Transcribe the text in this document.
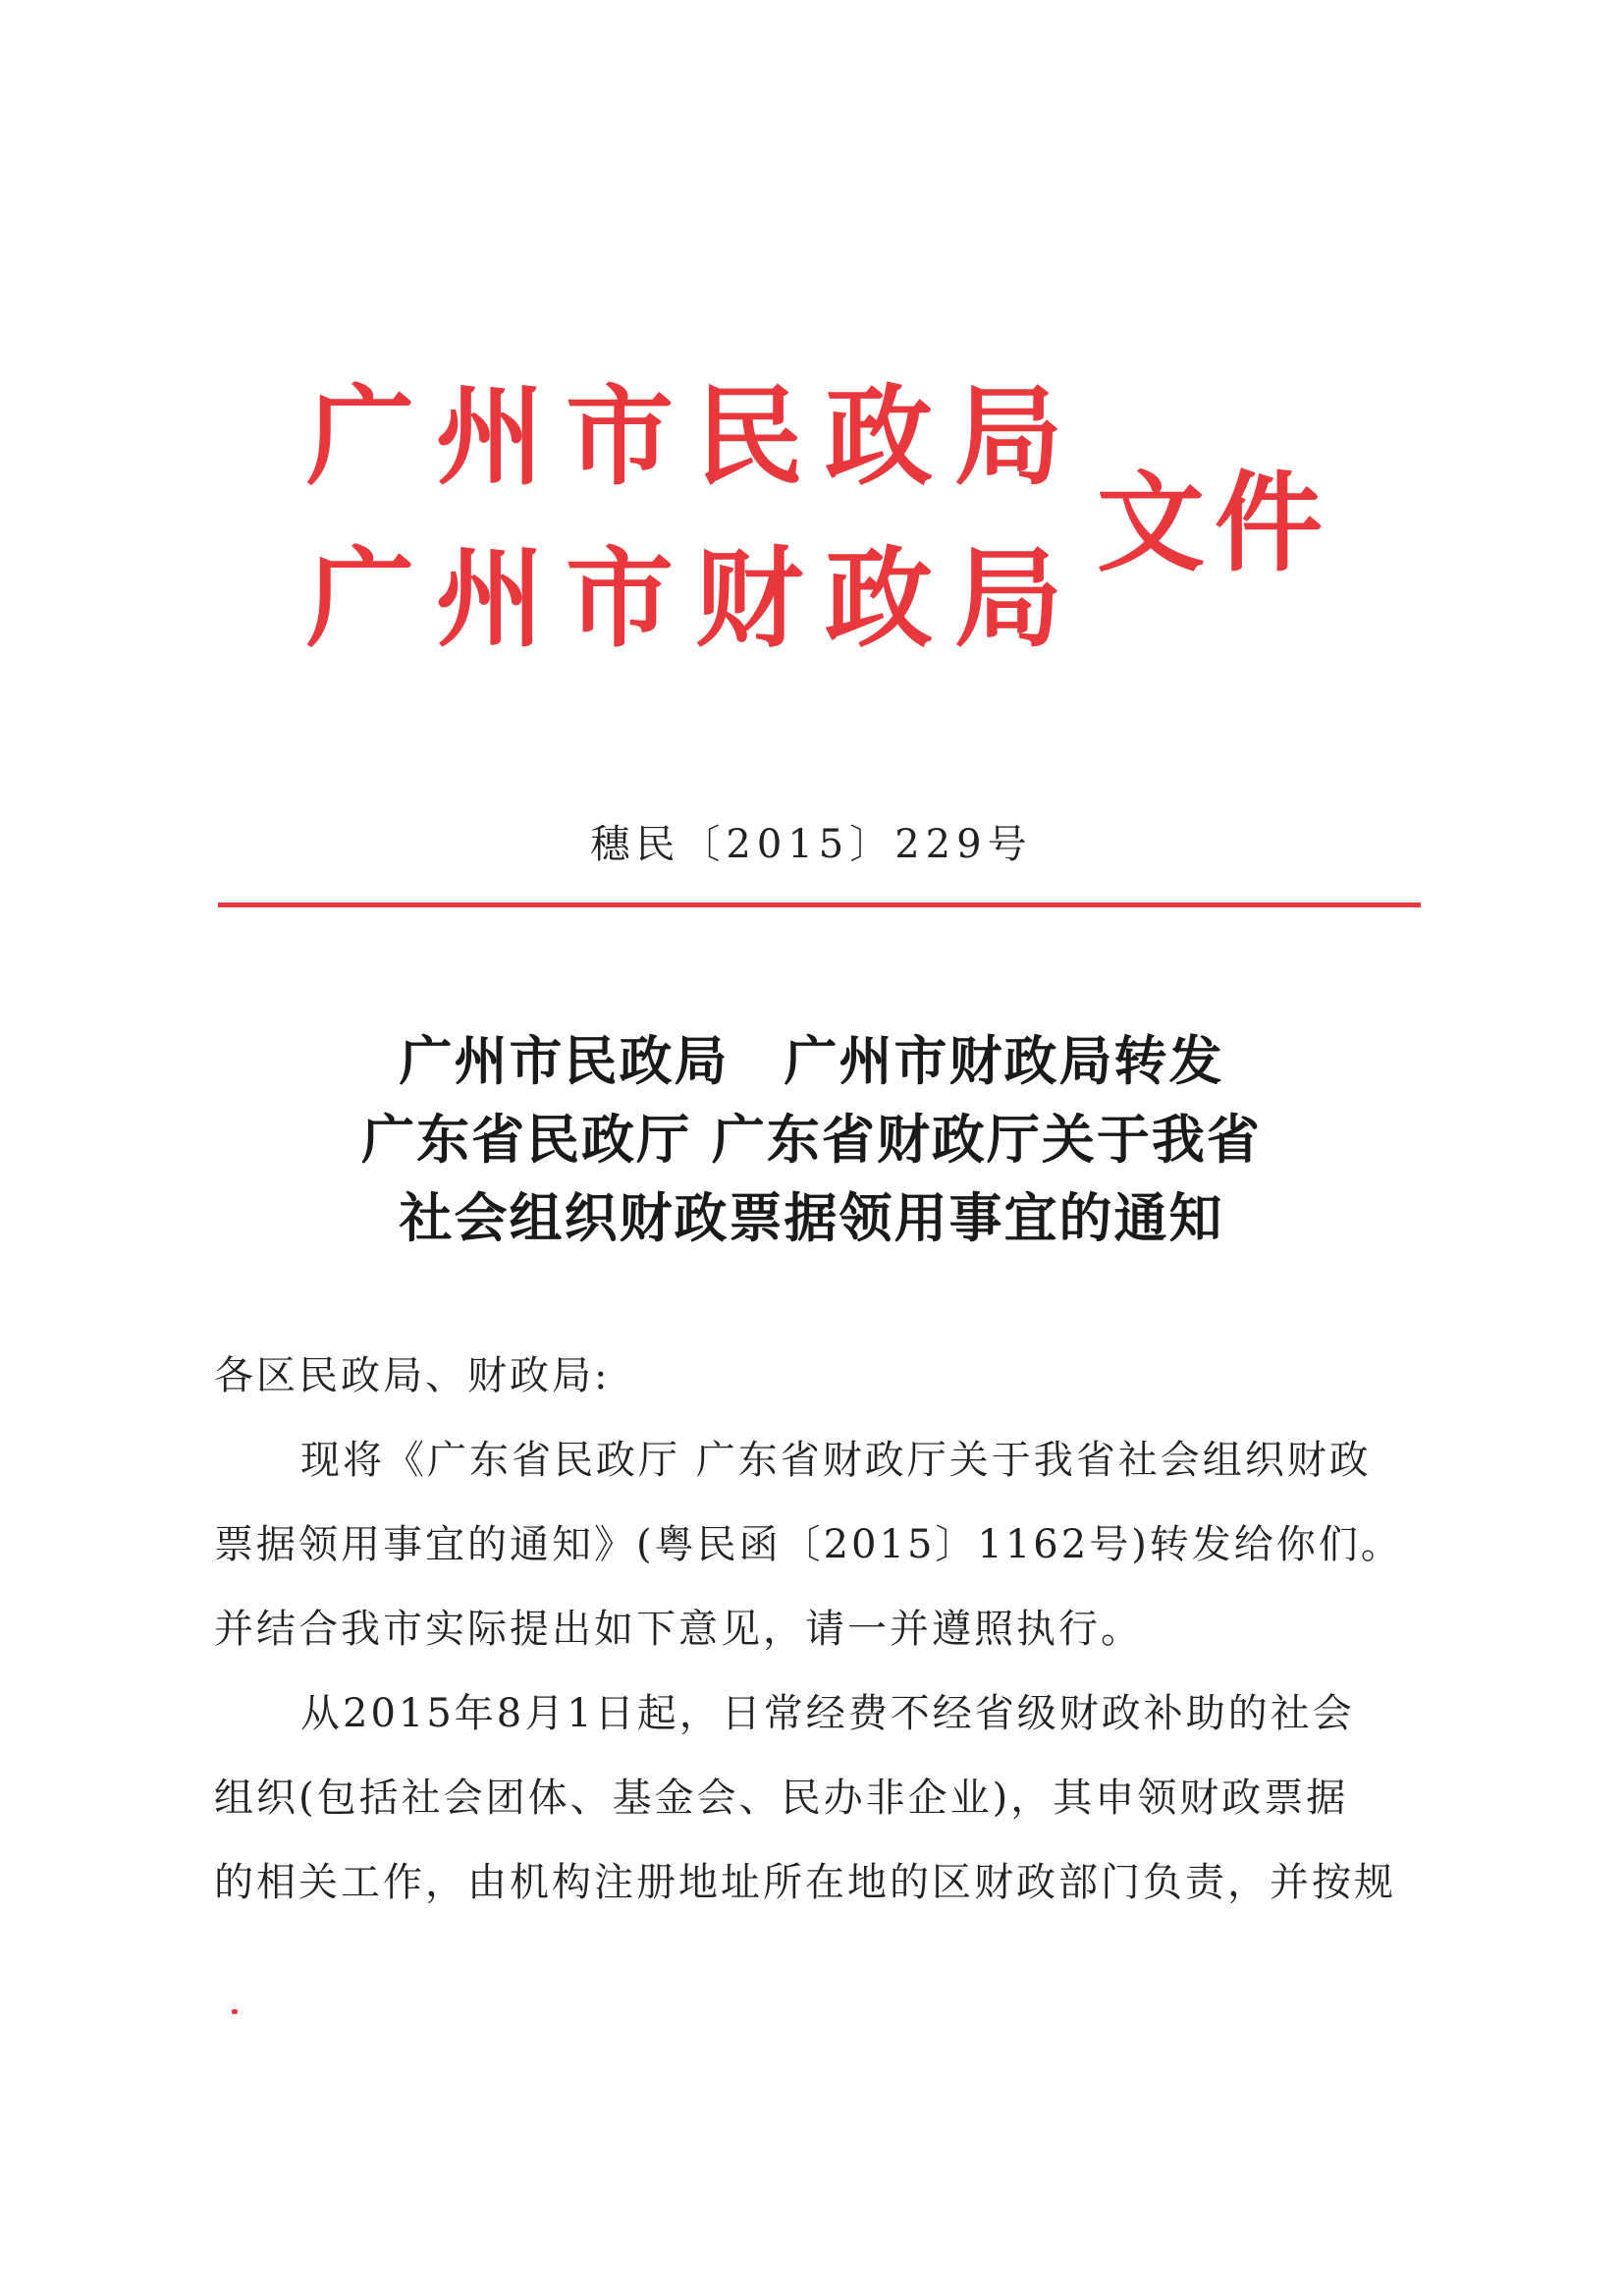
广州市民政局
广州市财政局
文件
穗民〔2015〕229号
广州市民政局　广州市财政局转发
广东省民政厅 广东省财政厅关于我省
社会组织财政票据领用事宜的通知
各区民政局、财政局:
现将《广东省民政厅 广东省财政厅关于我省社会组织财政
票据领用事宜的通知》(粤民函〔2015〕1162号)转发给你们。
并结合我市实际提出如下意见，请一并遵照执行。
从2015年8月1日起，日常经费不经省级财政补助的社会
组织(包括社会团体、基金会、民办非企业)，其申领财政票据
的相关工作，由机构注册地址所在地的区财政部门负责，并按规
